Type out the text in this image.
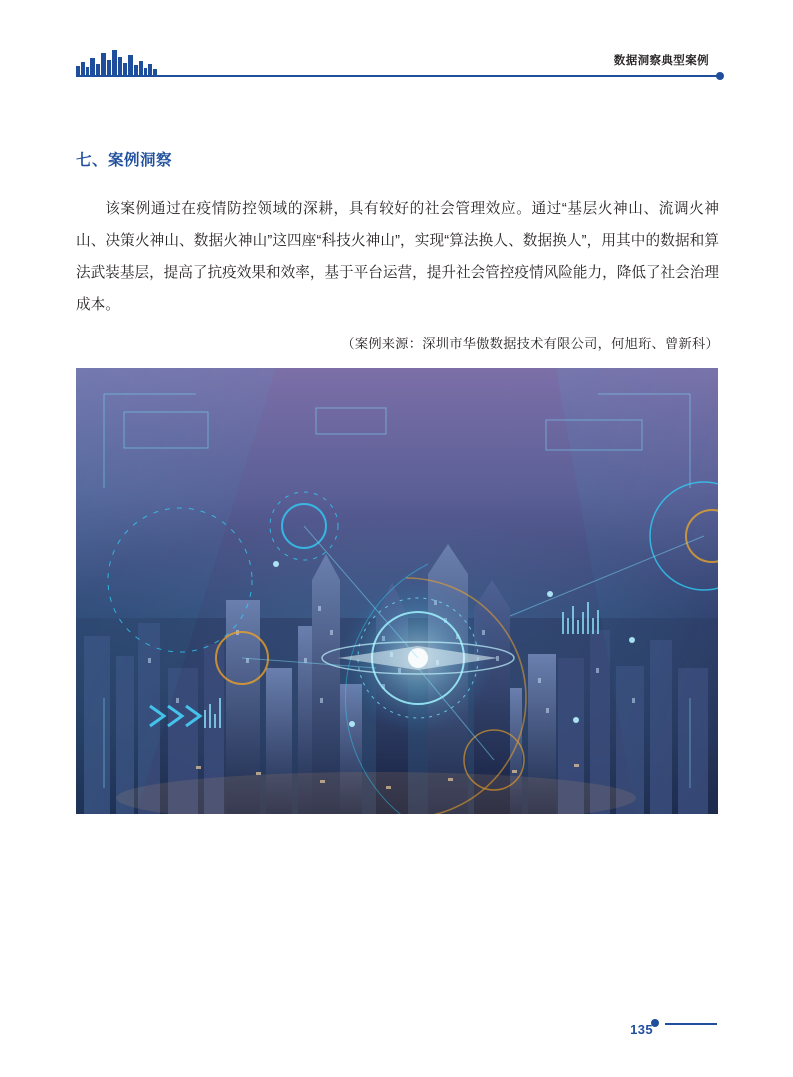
数据洞察典型案例
七、案例洞察
该案例通过在疫情防控领域的深耕，具有较好的社会管理效应。通过“基层火神山、流调火神山、决策火神山、数据火神山”这四座“科技火神山”，实现“算法换人、数据换人”，用其中的数据和算法武装基层，提高了抗疫效果和效率，基于平台运营，提升社会管控疫情风险能力，降低了社会治理成本。
（案例来源：深圳市华傲数据技术有限公司，何旭珩、曾新科）
135
